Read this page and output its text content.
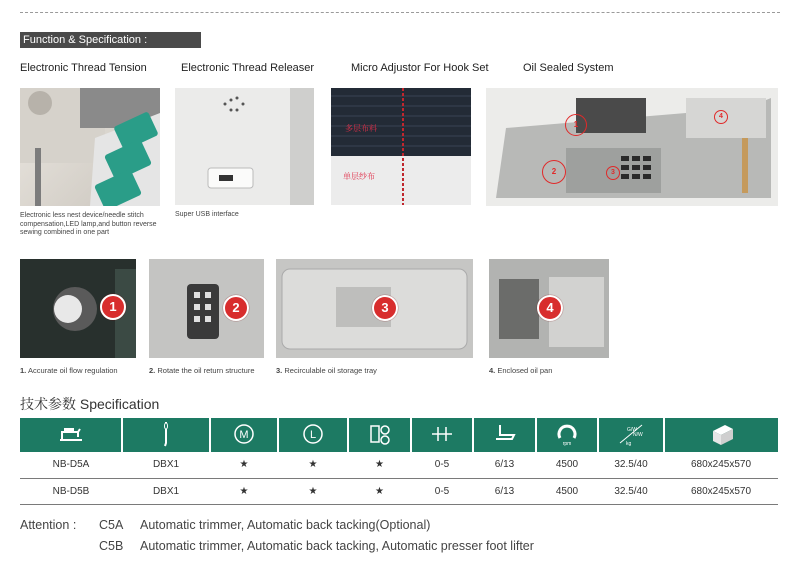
Function & Specification :
Electronic Thread Tension	Electronic Thread Releaser	Micro Adjustor For Hook Set	Oil Sealed System
Electronic less nest device/needle stitch compensation,LED lamp,and button reverse sewing combined in one part
Super USB interface
多层布料
单层纱布
1
2	3
4
1	2	3	4
1. Accurate oil flow regulation	2. Rotate the oil return structure	3. Recirculable oil storage tray	4. Enclosed oil pan
技术参数 Specification

M	L				rpm	G/W
N/W
kg

NB-D5A	DBX1	★	★	★	0-5	6/13	4500	32.5/40	680x245x570
NB-D5B	DBX1	★	★	★	0-5	6/13	4500	32.5/40	680x245x570
Attention : C5A Automatic trimmer, Automatic back tacking(Optional)
C5B Automatic trimmer, Automatic back tacking, Automatic presser foot lifter
